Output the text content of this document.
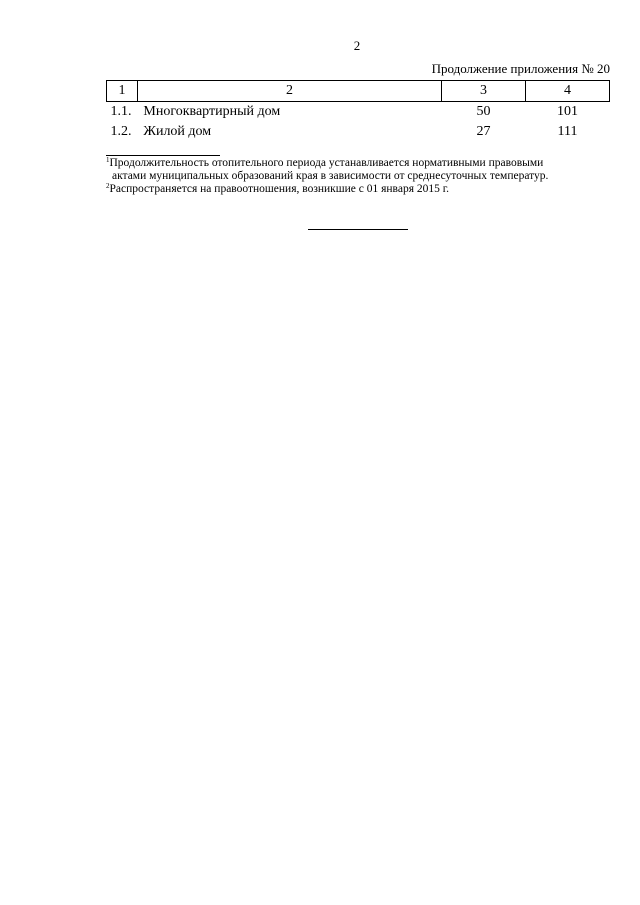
2
Продолжение приложения № 20
1	2	3	4
1.1.	Многоквартирный дом	50	101
1.2.	Жилой дом	27	111

$^1$Продолжительность отопительного периода устанавливается нормативными правовыми

актами муниципальных образований края в зависимости от среднесуточных температур.

$^2$Распространяется на правоотношения, возникшие с 01 января 2015 г.
